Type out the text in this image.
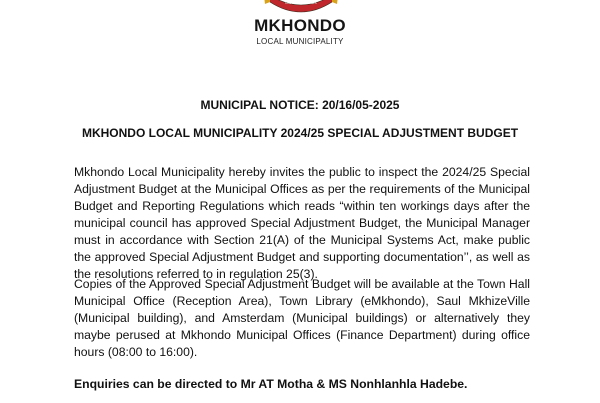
DISTRICT GUARDS
MKHONDO
LOCAL MUNICIPALITY
MUNICIPAL NOTICE: 20/16/05-2025
MKHONDO LOCAL MUNICIPALITY 2024/25 SPECIAL ADJUSTMENT BUDGET
Mkhondo Local Municipality hereby invites the public to inspect the 2024/25 Special
Adjustment Budget at the Municipal Offices as per the requirements of the Municipal
Budget and Reporting Regulations which reads “within ten workings days after the
municipal council has approved Special Adjustment Budget, the Municipal Manager
must in accordance with Section 21(A) of the Municipal Systems Act, make public
the approved Special Adjustment Budget and supporting documentation’’, as well as
the resolutions referred to in regulation 25(3).
Copies of the Approved Special Adjustment Budget will be available at the Town Hall
Municipal Office (Reception Area), Town Library (eMkhondo), Saul MkhizeVille
(Municipal building), and Amsterdam (Municipal buildings) or alternatively they
maybe perused at Mkhondo Municipal Offices (Finance Department) during office
hours (08:00 to 16:00).
Enquiries can be directed to Mr AT Motha & MS Nonhlanhla Hadebe.
